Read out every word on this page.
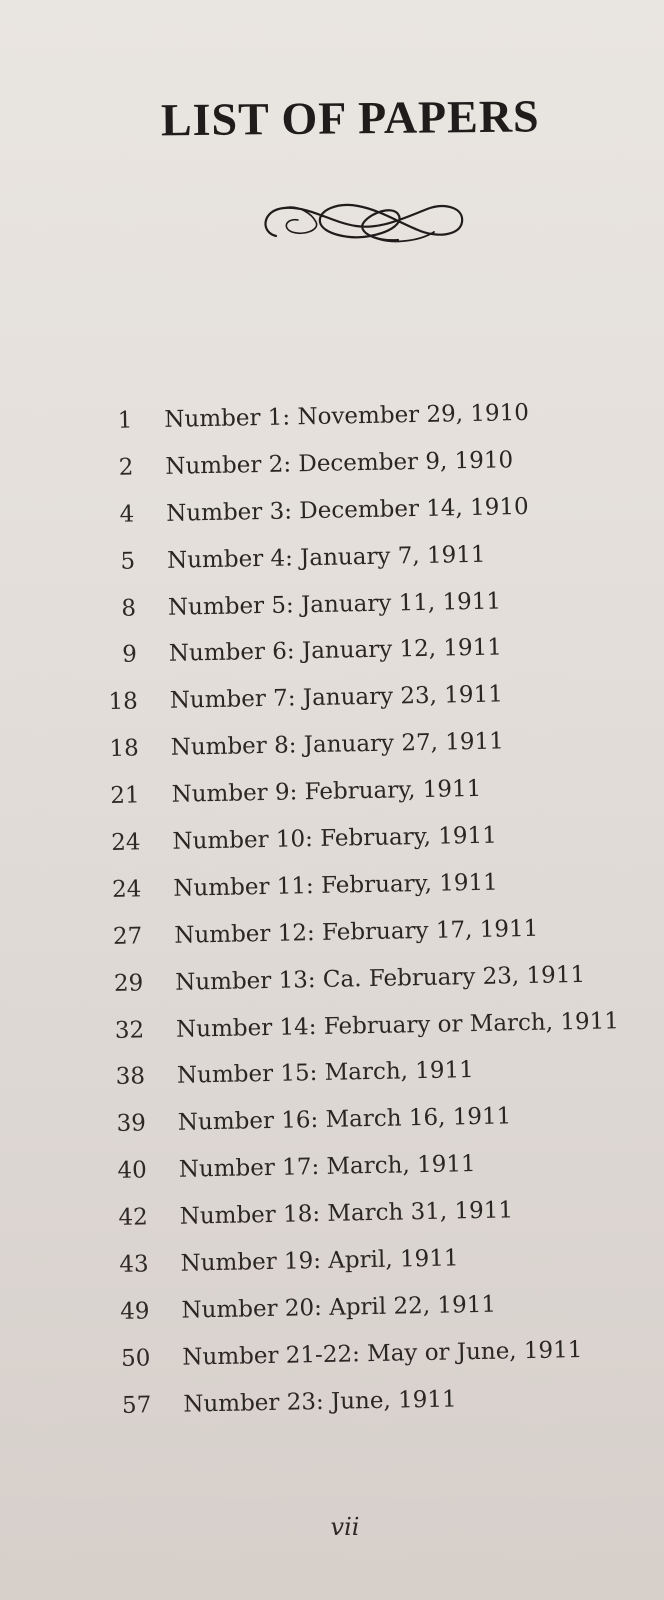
LIST OF PAPERS
1 Number 1: November 29, 1910
2 Number 2: December 9, 1910
4 Number 3: December 14, 1910
5 Number 4: January 7, 1911
8 Number 5: January 11, 1911
9 Number 6: January 12, 1911
18 Number 7: January 23, 1911
18 Number 8: January 27, 1911
21 Number 9: February, 1911
24 Number 10: February, 1911
24 Number 11: February, 1911
27 Number 12: February 17, 1911
29 Number 13: Ca. February 23, 1911
32 Number 14: February or March, 1911
38 Number 15: March, 1911
39 Number 16: March 16, 1911
40 Number 17: March, 1911
42 Number 18: March 31, 1911
43 Number 19: April, 1911
49 Number 20: April 22, 1911
50 Number 21-22: May or June, 1911
57 Number 23: June, 1911
vii
